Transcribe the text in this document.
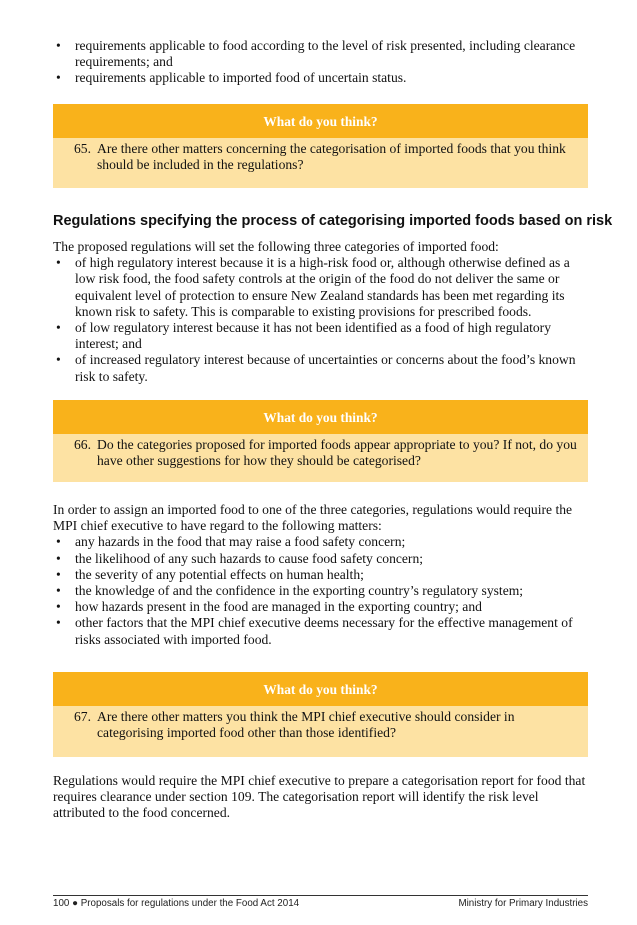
• requirements applicable to food according to the level of risk presented, including clearance requirements; and
• requirements applicable to imported food of uncertain status.
What do you think?
65. Are there other matters concerning the categorisation of imported foods that you think should be included in the regulations?
Regulations specifying the process of categorising imported foods based on risk
The proposed regulations will set the following three categories of imported food:
• of high regulatory interest because it is a high-risk food or, although otherwise defined as a low risk food, the food safety controls at the origin of the food do not deliver the same or equivalent level of protection to ensure New Zealand standards has been met regarding its known risk to safety. This is comparable to existing provisions for prescribed foods.
• of low regulatory interest because it has not been identified as a food of high regulatory interest; and
• of increased regulatory interest because of uncertainties or concerns about the food’s known risk to safety.
What do you think?
66. Do the categories proposed for imported foods appear appropriate to you? If not, do you have other suggestions for how they should be categorised?
In order to assign an imported food to one of the three categories, regulations would require the MPI chief executive to have regard to the following matters:
• any hazards in the food that may raise a food safety concern;
• the likelihood of any such hazards to cause food safety concern;
• the severity of any potential effects on human health;
• the knowledge of and the confidence in the exporting country’s regulatory system;
• how hazards present in the food are managed in the exporting country; and
• other factors that the MPI chief executive deems necessary for the effective management of risks associated with imported food.
What do you think?
67. Are there other matters you think the MPI chief executive should consider in categorising imported food other than those identified?
Regulations would require the MPI chief executive to prepare a categorisation report for food that requires clearance under section 109. The categorisation report will identify the risk level attributed to the food concerned.
100 ● Proposals for regulations under the Food Act 2014	Ministry for Primary Industries
